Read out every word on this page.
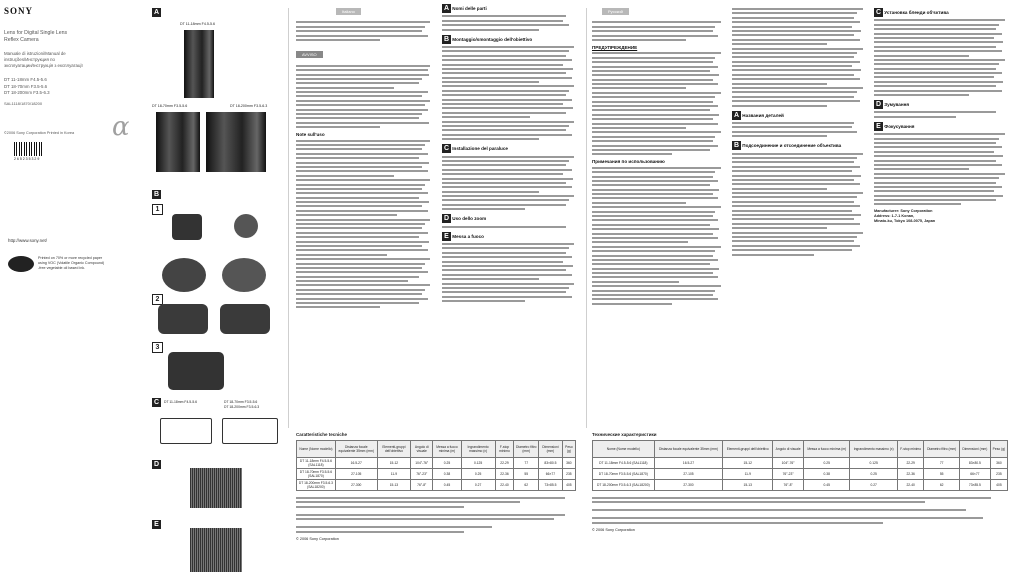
SONY
Lens for Digital Single Lens
Reflex Camera
Manuale di istruzioni/Manual de
instruções/Инструкция по
эксплуатации/Інструкція з експлуатації
DT 11-18mm F4.5-5.6
DT 18-70mm F3.5-5.6
DT 18-200mm F3.5-6.3
SAL1118/1870/18200
α
©2006 Sony Corporation Printed in Korea
2 6 5 2 3 5 3 2 9
http://www.sony.net/
Printed on 70% or more recycled paper
using VOC (Volatile Organic Compound)
-free vegetable oil based ink.
A
DT 11-18mm F4.5-5.6
DT 18-70mm F3.5-5.6	DT 18-200mm F3.5-6.3
B
1
2
3
C	DT 11-18mm F4.5-5.6	DT 18-70mm F3.5-5.6
DT 18-200mm F3.5-6.3
D
E
Italiano
AVVISO
Note sull'uso
A Nomi delle parti
B Montaggio/smontaggio dell'obiettivo
C Installazione del paraluce
D Uso dello zoom
E Messa a fuoco
Русский
ПРЕДУПРЕЖДЕНИЕ
Примечания по использованию
A Названия деталей
B Подсоединение и отсоединение объектива
C Установка бленди об'єктива
D Зумування
E Фокусування
Manufacturer: Sony Corporation
Address: 1-7-1 Konan,
Minato-ku, Tokyo 108-0075, Japan
Caratteristiche tecniche
Nome (Nome modello)	Distanza focale equivalente 35mm (mm)	Elementi-gruppi dell'obiettivo	Angolo di visuale	Messa a fuoco minima (m)	Ingrandimento massimo (x)	F-stop minimo	Diametro filtro (mm)	Dimensioni (mm)	Peso (g)
DT 11-18mm F4.5-5.6 (SAL1118)	16.5-27	15-12	104°-76°	0.25	0.125	22-29	77	83×80.5	360
DT 18-70mm F3.5-5.6 (SAL1870)	27-105	11-9	76°-23°	0.38	0.25	22-36	55	66×77	235
DT 18-200mm F3.5-6.3 (SAL18200)	27-300	15-13	76°-8°	0.45	0.27	22-40	62	73×85.5	405
© 2006 Sony Corporation
Технические характеристики
Nome (Nome modello)	Distanza focale equivalente 35mm (mm)	Elementi-gruppi dell'obiettivo	Angolo di visuale	Messa a fuoco minima (m)	Ingrandimento massimo (x)	F-stop minimo	Diametro filtro (mm)	Dimensioni (mm)	Peso (g)
DT 11-18mm F4.5-5.6 (SAL1118)	16.5-27	15-12	104°-76°	0.25	0.125	22-29	77	83×80.5	360
DT 18-70mm F3.5-5.6 (SAL1870)	27-105	11-9	76°-23°	0.38	0.25	22-36	55	66×77	235
DT 18-200mm F3.5-6.3 (SAL18200)	27-300	15-13	76°-8°	0.45	0.27	22-40	62	73×85.5	405
© 2006 Sony Corporation
